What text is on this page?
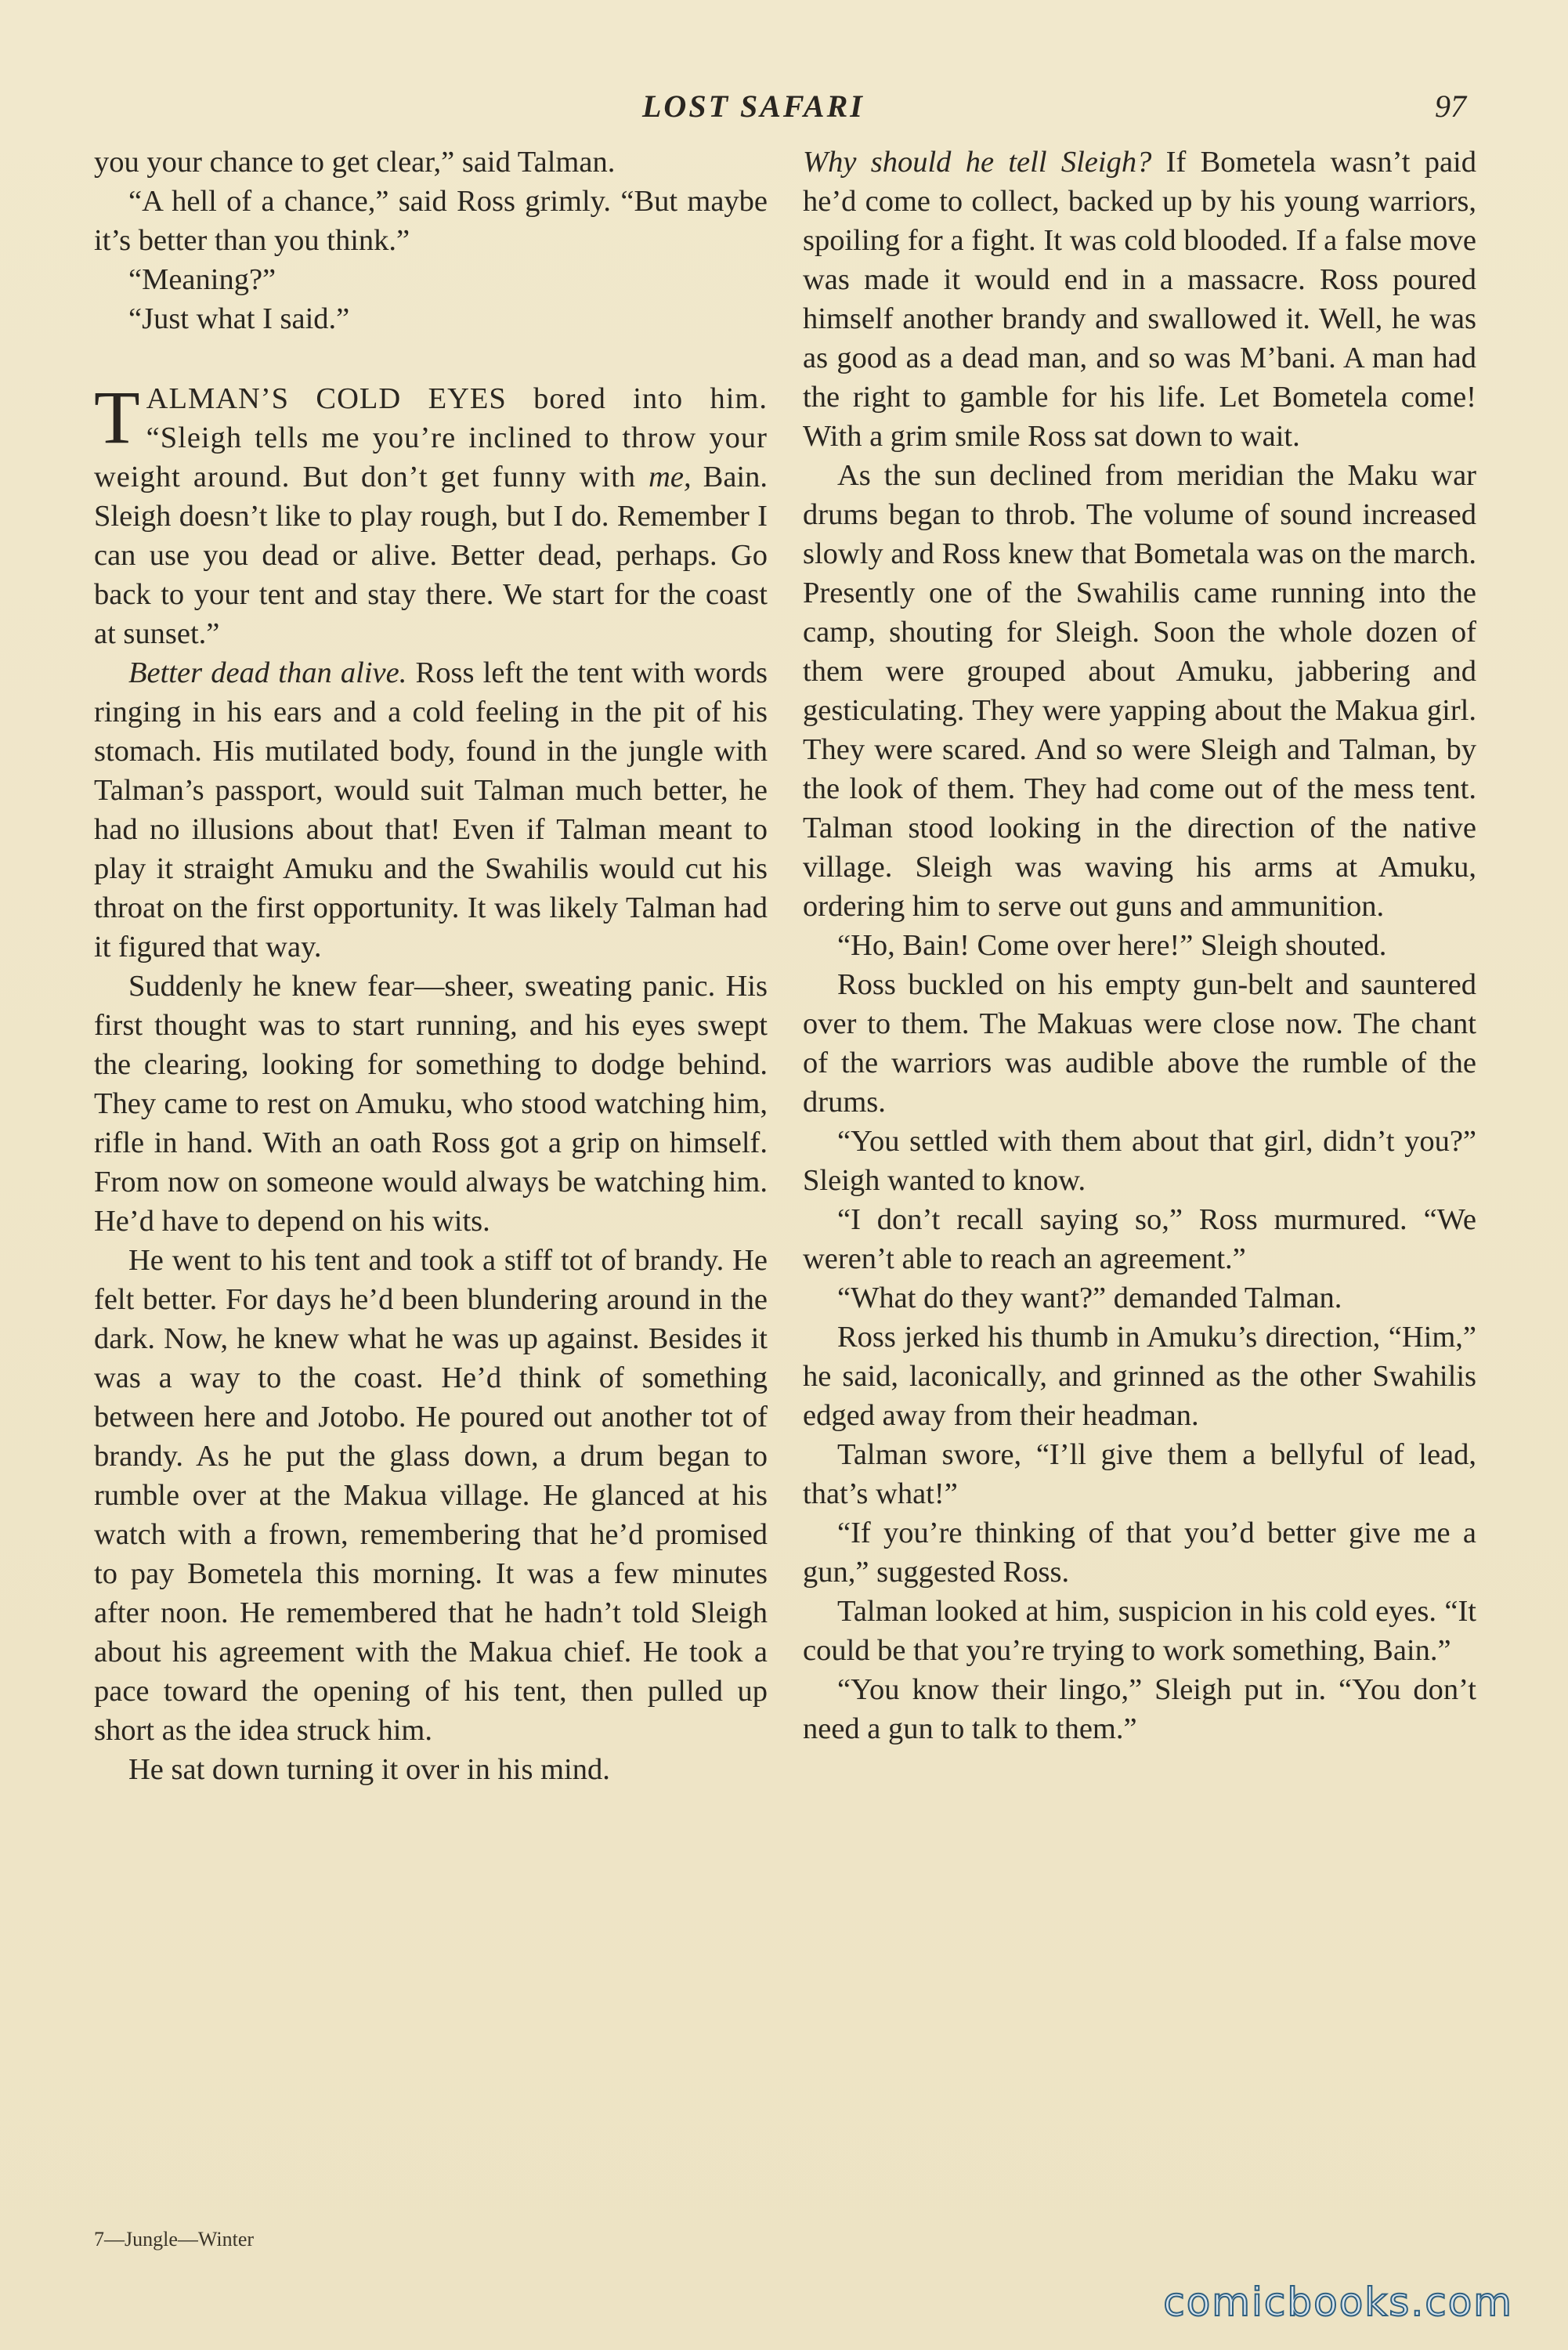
LOST SAFARI	97

you your chance to get clear,” said Talman.

“A hell of a chance,” said Ross grimly. “But maybe it’s better than you think.”

“Meaning?”

“Just what I said.”

TALMAN’S COLD EYES bored into him. “Sleigh tells me you’re inclined to throw your weight around. But don’t get funny with me, Bain. Sleigh doesn’t like to play rough, but I do. Remember I can use you dead or alive. Better dead, perhaps. Go back to your tent and stay there. We start for the coast at sunset.”

Better dead than alive. Ross left the tent with words ringing in his ears and a cold feeling in the pit of his stomach. His mutilated body, found in the jungle with Talman’s passport, would suit Talman much better, he had no illusions about that! Even if Talman meant to play it straight Amuku and the Swahilis would cut his throat on the first opportunity. It was likely Talman had it figured that way.

Suddenly he knew fear—sheer, sweating panic. His first thought was to start running, and his eyes swept the clearing, looking for something to dodge behind. They came to rest on Amuku, who stood watching him, rifle in hand. With an oath Ross got a grip on himself. From now on someone would always be watching him. He’d have to depend on his wits.

He went to his tent and took a stiff tot of brandy. He felt better. For days he’d been blundering around in the dark. Now, he knew what he was up against. Besides it was a way to the coast. He’d think of something between here and Jotobo. He poured out another tot of brandy. As he put the glass down, a drum began to rumble over at the Makua village. He glanced at his watch with a frown, remembering that he’d promised to pay Bometela this morning. It was a few minutes after noon. He remembered that he hadn’t told Sleigh about his agreement with the Makua chief. He took a pace toward the opening of his tent, then pulled up short as the idea struck him.

He sat down turning it over in his mind.

Why should he tell Sleigh? If Bometela wasn’t paid he’d come to collect, backed up by his young warriors, spoiling for a fight. It was cold blooded. If a false move was made it would end in a massacre. Ross poured himself another brandy and swallowed it. Well, he was as good as a dead man, and so was M’bani. A man had the right to gamble for his life. Let Bometela come! With a grim smile Ross sat down to wait.

As the sun declined from meridian the Maku war drums began to throb. The volume of sound increased slowly and Ross knew that Bometala was on the march. Presently one of the Swahilis came running into the camp, shouting for Sleigh. Soon the whole dozen of them were grouped about Amuku, jabbering and gesticulating. They were yapping about the Makua girl. They were scared. And so were Sleigh and Talman, by the look of them. They had come out of the mess tent. Talman stood looking in the direction of the native village. Sleigh was waving his arms at Amuku, ordering him to serve out guns and ammunition.

“Ho, Bain! Come over here!” Sleigh shouted.

Ross buckled on his empty gun-belt and sauntered over to them. The Makuas were close now. The chant of the warriors was audible above the rumble of the drums.

“You settled with them about that girl, didn’t you?” Sleigh wanted to know.

“I don’t recall saying so,” Ross murmured. “We weren’t able to reach an agreement.”

“What do they want?” demanded Talman.

Ross jerked his thumb in Amuku’s direction, “Him,” he said, laconically, and grinned as the other Swahilis edged away from their headman.

Talman swore, “I’ll give them a bellyful of lead, that’s what!”

“If you’re thinking of that you’d better give me a gun,” suggested Ross.

Talman looked at him, suspicion in his cold eyes. “It could be that you’re trying to work something, Bain.”

“You know their lingo,” Sleigh put in. “You don’t need a gun to talk to them.”

7—Jungle—Winter
comicbooks.com
